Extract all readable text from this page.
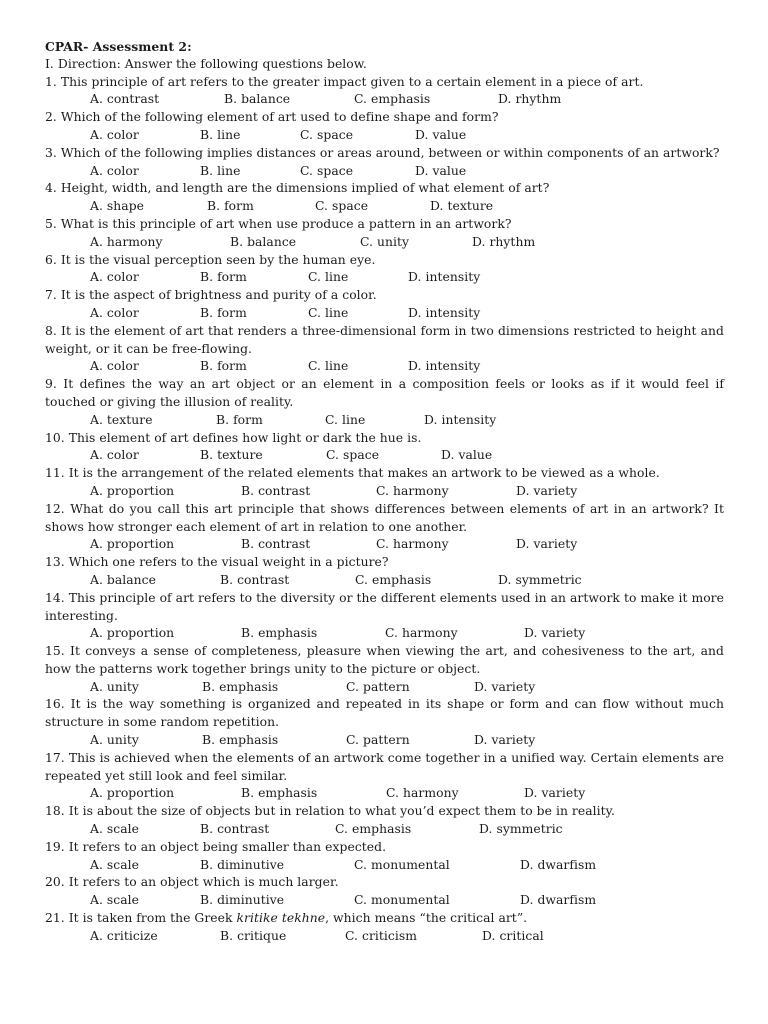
CPAR- Assessment 2:
I. Direction: Answer the following questions below.
1. This principle of art refers to the greater impact given to a certain element in a piece of art.
A. contrast	B. balance	C. emphasis	D. rhythm
2. Which of the following element of art used to define shape and form?
A. color	B. line	C. space	D. value
3. Which of the following implies distances or areas around, between or within components of an artwork?
A. color	B. line	C. space	D. value
4. Height, width, and length are the dimensions implied of what element of art?
A. shape	B. form	C. space	D. texture
5. What is this principle of art when use produce a pattern in an artwork?
A. harmony	B. balance	C. unity	D. rhythm
6. It is the visual perception seen by the human eye.
A. color	B. form	C. line	D. intensity
7. It is the aspect of brightness and purity of a color.
A. color	B. form	C. line	D. intensity
8. It is the element of art that renders a three-dimensional form in two dimensions restricted to height and weight, or it can be free-flowing.
A. color	B. form	C. line	D. intensity
9. It defines the way an art object or an element in a composition feels or looks as if it would feel if touched or giving the illusion of reality.
A. texture	B. form	C. line	D. intensity
10. This element of art defines how light or dark the hue is.
A. color	B. texture	C. space	D. value
11. It is the arrangement of the related elements that makes an artwork to be viewed as a whole.
A. proportion	B. contrast	C. harmony	D. variety
12. What do you call this art principle that shows differences between elements of art in an artwork? It shows how stronger each element of art in relation to one another.
A. proportion	B. contrast	C. harmony	D. variety
13. Which one refers to the visual weight in a picture?
A. balance	B. contrast	C. emphasis	D. symmetric
14. This principle of art refers to the diversity or the different elements used in an artwork to make it more interesting.
A. proportion	B. emphasis	C. harmony	D. variety
15. It conveys a sense of completeness, pleasure when viewing the art, and cohesiveness to the art, and how the patterns work together brings unity to the picture or object.
A. unity	B. emphasis	C. pattern	D. variety
16. It is the way something is organized and repeated in its shape or form and can flow without much structure in some random repetition.
A. unity	B. emphasis	C. pattern	D. variety
17. This is achieved when the elements of an artwork come together in a unified way. Certain elements are repeated yet still look and feel similar.
A. proportion	B. emphasis	C. harmony	D. variety
18. It is about the size of objects but in relation to what you’d expect them to be in reality.
A. scale	B. contrast	C. emphasis	D. symmetric
19. It refers to an object being smaller than expected.
A. scale	B. diminutive	C. monumental	D. dwarfism
20. It refers to an object which is much larger.
A. scale	B. diminutive	C. monumental	D. dwarfism
21. It is taken from the Greek kritike tekhne, which means “the critical art”.
A. criticize	B. critique	C. criticism	D. critical
